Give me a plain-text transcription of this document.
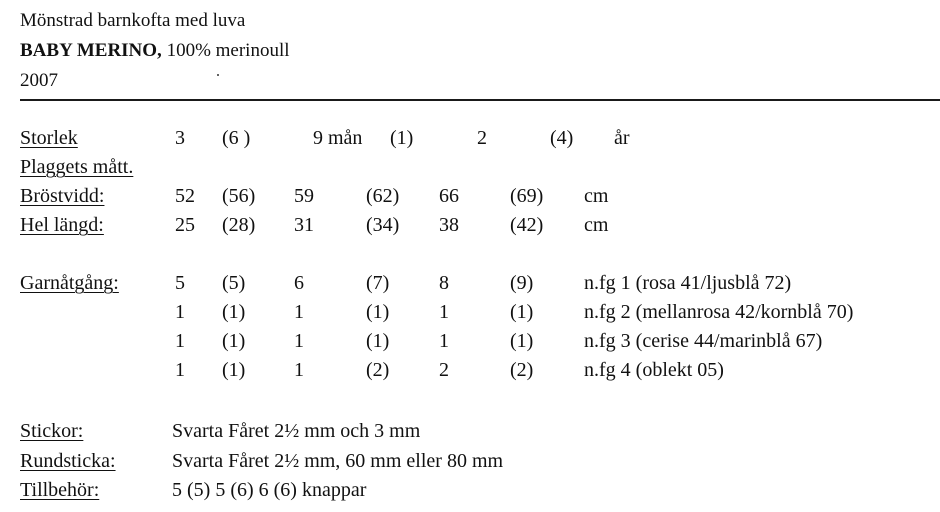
Mönstrad barnkofta med luva
BABY MERINO, 100% merinoull
2007
Storlek	3 (6 )	9 mån (1)	2	(4) år
Plaggets mått.
Bröstvidd:	52 (56) 59	(62) 66	(69) cm
Hel längd:	25 (28) 31	(34) 38	(42) cm
Garnåtgång:	5 (5) 6	(7) 8	(9)	n.fg 1 (rosa 41/ljusblå 72)
1 (1) 1	(1) 1	(1)	n.fg 2 (mellanrosa 42/kornblå 70)
1 (1) 1	(1) 1	(1)	n.fg 3 (cerise 44/marinblå 67)
1 (1) 1	(2) 2	(2)	n.fg 4 (oblekt 05)
Stickor:	Svarta Fåret 2½ mm och 3 mm
Rundsticka:	Svarta Fåret 2½ mm, 60 mm eller 80 mm
Tillbehör:	5 (5) 5 (6) 6 (6) knappar
